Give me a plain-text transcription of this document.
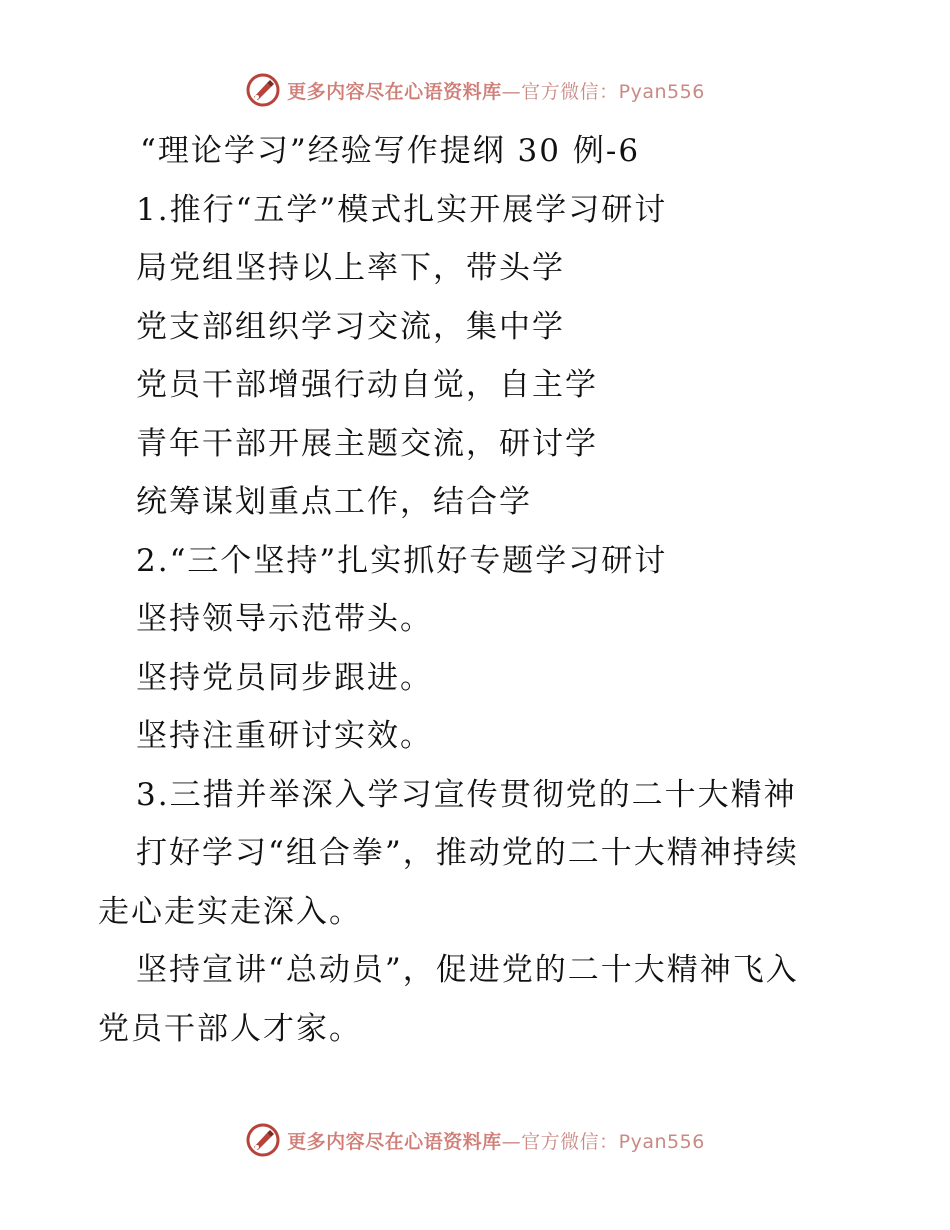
更多内容尽在心语资料库—官方微信：Pyan556
“理论学习”经验写作提纲 30 例-6
1.推行“五学”模式扎实开展学习研讨
局党组坚持以上率下，带头学
党支部组织学习交流，集中学
党员干部增强行动自觉，自主学
青年干部开展主题交流，研讨学
统筹谋划重点工作，结合学
2.“三个坚持”扎实抓好专题学习研讨
坚持领导示范带头。
坚持党员同步跟进。
坚持注重研讨实效。
3.三措并举深入学习宣传贯彻党的二十大精神
打好学习“组合拳”，推动党的二十大精神持续
走心走实走深入。
坚持宣讲“总动员”，促进党的二十大精神飞入
党员干部人才家。
更多内容尽在心语资料库—官方微信：Pyan556
